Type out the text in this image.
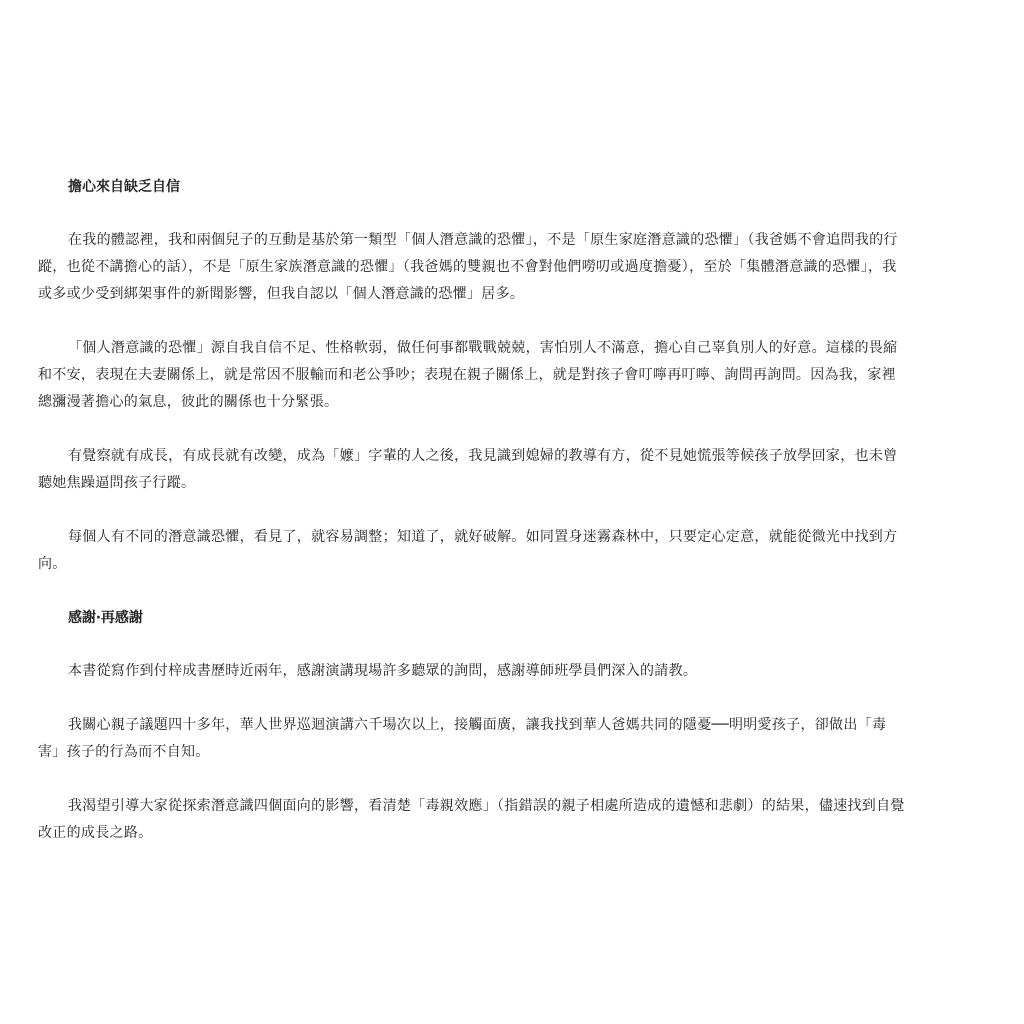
擔心來自缺乏自信

在我的體認裡，我和兩個兒子的互動是基於第一類型「個人潛意識的恐懼」，不是「原生家庭潛意識的恐懼」（我爸媽不會追問我的行蹤，也從不講擔心的話），不是「原生家族潛意識的恐懼」（我爸媽的雙親也不會對他們嘮叨或過度擔憂），至於「集體潛意識的恐懼」，我或多或少受到綁架事件的新聞影響，但我自認以「個人潛意識的恐懼」居多。

「個人潛意識的恐懼」源自我自信不足、性格軟弱，做任何事都戰戰兢兢，害怕別人不滿意，擔心自己辜負別人的好意。這樣的畏縮和不安，表現在夫妻關係上，就是常因不服輸而和老公爭吵；表現在親子關係上，就是對孩子會叮嚀再叮嚀、詢問再詢問。因為我，家裡總瀰漫著擔心的氣息，彼此的關係也十分緊張。

有覺察就有成長，有成長就有改變，成為「嬤」字輩的人之後，我見識到媳婦的教導有方，從不見她慌張等候孩子放學回家，也未曾聽她焦躁逼問孩子行蹤。

每個人有不同的潛意識恐懼，看見了，就容易調整；知道了，就好破解。如同置身迷霧森林中，只要定心定意，就能從微光中找到方向。

感謝‧再感謝

本書從寫作到付梓成書歷時近兩年，感謝演講現場許多聽眾的詢問，感謝導師班學員們深入的請教。

我關心親子議題四十多年，華人世界巡迴演講六千場次以上，接觸面廣，讓我找到華人爸媽共同的隱憂──明明愛孩子，卻做出「毒害」孩子的行為而不自知。

我渴望引導大家從探索潛意識四個面向的影響，看清楚「毒親效應」（指錯誤的親子相處所造成的遺憾和悲劇）的結果，儘速找到自覺改正的成長之路。
